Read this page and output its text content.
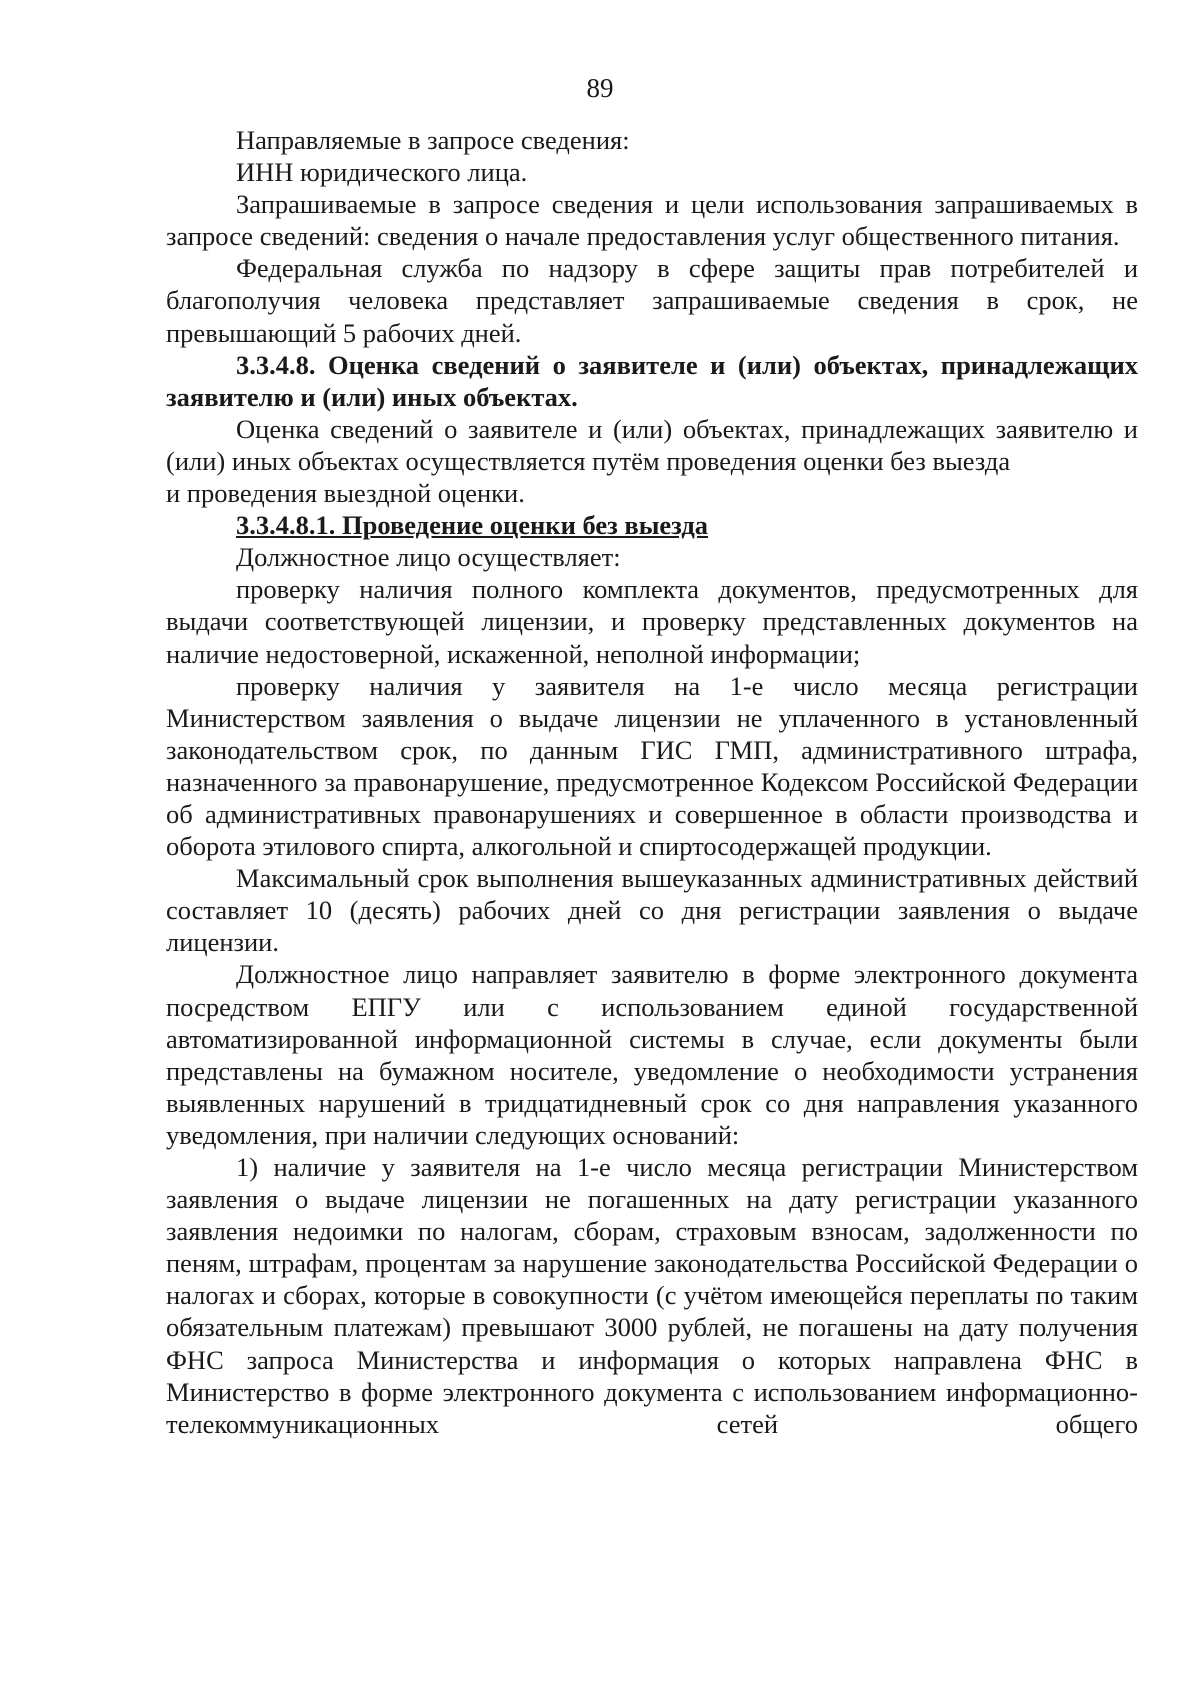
89

Направляемые в запросе сведения:

ИНН юридического лица.

Запрашиваемые в запросе сведения и цели использования запрашиваемых в запросе сведений: сведения о начале предоставления услуг общественного питания.

Федеральная служба по надзору в сфере защиты прав потребителей и благополучия человека представляет запрашиваемые сведения в срок, не превышающий 5 рабочих дней.

3.3.4.8. Оценка сведений о заявителе и (или) объектах, принадлежащих заявителю и (или) иных объектах.

Оценка сведений о заявителе и (или) объектах, принадлежащих заявителю и (или) иных объектах осуществляется путём проведения оценки без выезда

и проведения выездной оценки.

3.3.4.8.1. Проведение оценки без выезда

Должностное лицо осуществляет:

проверку наличия полного комплекта документов, предусмотренных для выдачи соответствующей лицензии, и проверку представленных документов на наличие недостоверной, искаженной, неполной информации;

проверку наличия у заявителя на 1-е число месяца регистрации Министерством заявления о выдаче лицензии не уплаченного в установленный законодательством срок, по данным ГИС ГМП, административного штрафа, назначенного за правонарушение, предусмотренное Кодексом Российской Федерации об административных правонарушениях и совершенное в области производства и оборота этилового спирта, алкогольной и спиртосодержащей продукции.

Максимальный срок выполнения вышеуказанных административных действий составляет 10 (десять) рабочих дней со дня регистрации заявления о выдаче лицензии.

Должностное лицо направляет заявителю в форме электронного документа посредством ЕПГУ или с использованием единой государственной автоматизированной информационной системы в случае, если документы были представлены на бумажном носителе, уведомление о необходимости устранения выявленных нарушений в тридцатидневный срок со дня направления указанного уведомления, при наличии следующих оснований:

1) наличие у заявителя на 1-е число месяца регистрации Министерством заявления о выдаче лицензии не погашенных на дату регистрации указанного заявления недоимки по налогам, сборам, страховым взносам, задолженности по пеням, штрафам, процентам за нарушение законодательства Российской Федерации о налогах и сборах, которые в совокупности (с учётом имеющейся переплаты по таким обязательным платежам) превышают 3000 рублей, не погашены на дату получения ФНС запроса Министерства и информация о которых направлена ФНС в Министерство в форме электронного документа с использованием информационно-телекоммуникационных сетей общего
